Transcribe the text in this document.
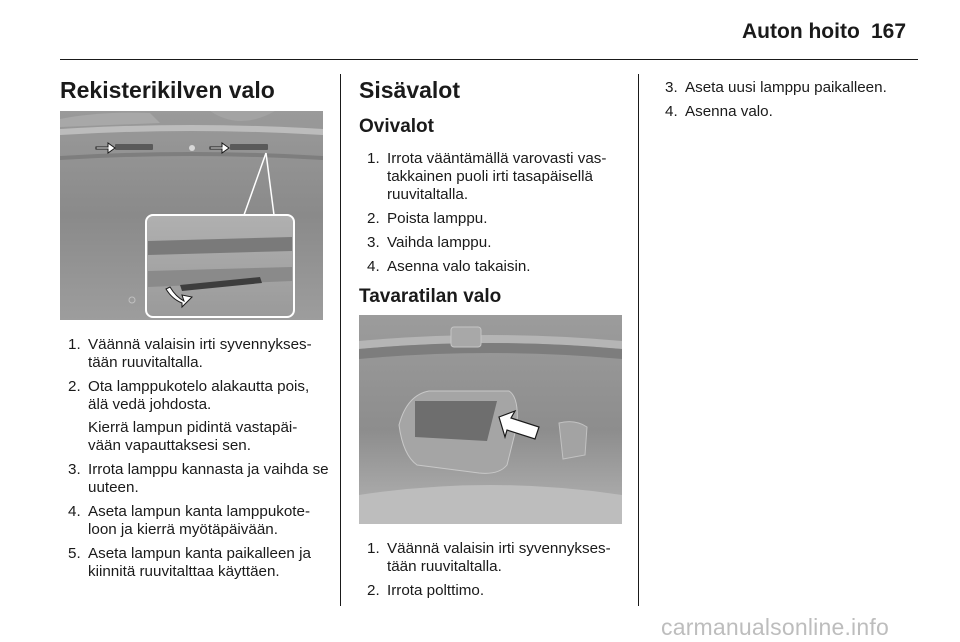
Auton hoito 167
Rekisterikilven valo
1. Väännä valaisin irti syvennykses-tään ruuvitaltalla.
2. Ota lamppukotelo alakautta pois, älä vedä johdosta.
Kierrä lampun pidintä vastapäi-vään vapauttaksesi sen.
3. Irrota lamppu kannasta ja vaihda se uuteen.
4. Aseta lampun kanta lamppukote-loon ja kierrä myötäpäivään.
5. Aseta lampun kanta paikalleen ja kiinnitä ruuvitalttaa käyttäen.
Sisävalot
Ovivalot
1. Irrota vääntämällä varovasti vas-takkainen puoli irti tasapäisellä ruuvitaltalla.
2. Poista lamppu.
3. Vaihda lamppu.
4. Asenna valo takaisin.
Tavaratilan valo
1. Väännä valaisin irti syvennykses-tään ruuvitaltalla.
2. Irrota polttimo.
3. Aseta uusi lamppu paikalleen.
4. Asenna valo.
carmanualsonline.info
